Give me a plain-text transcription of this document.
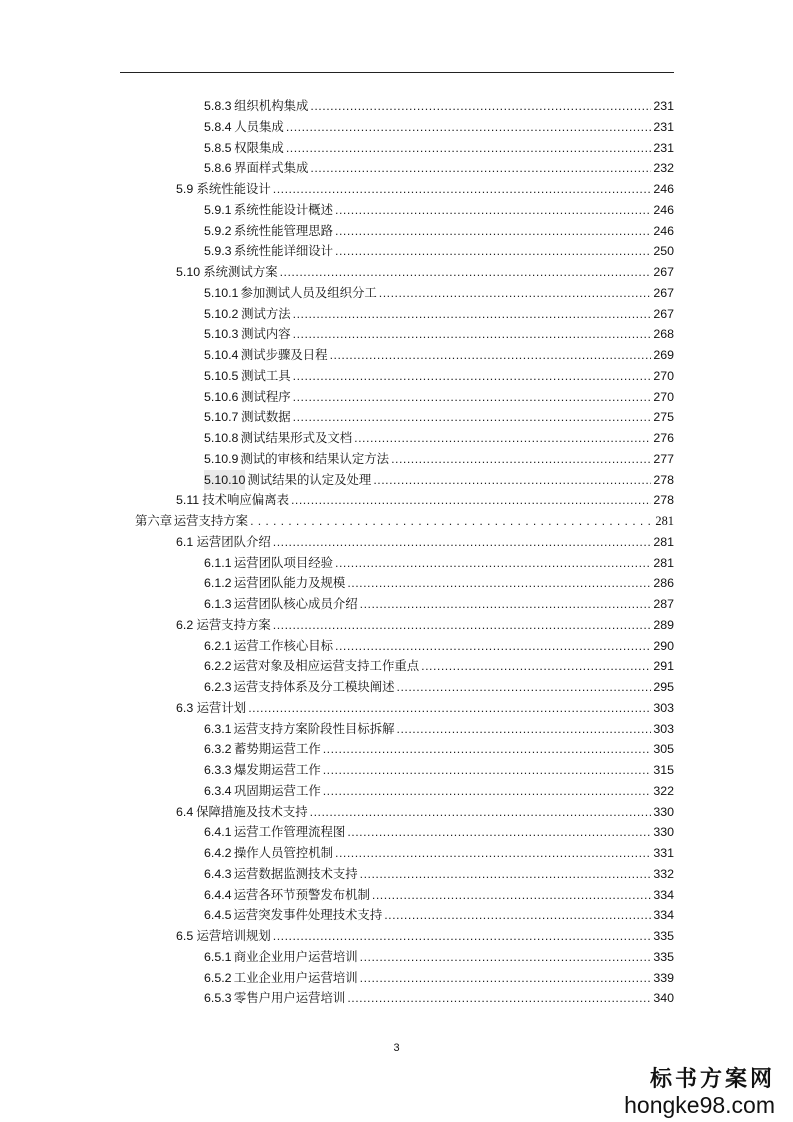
5.8.3 组织机构集成 .....	231
5.8.4 人员集成 .....	231
5.8.5 权限集成 .....	231
5.8.6 界面样式集成 .....	232
5.9 系统性能设计 .....	246
5.9.1 系统性能设计概述 .....	246
5.9.2 系统性能管理思路 .....	246
5.9.3 系统性能详细设计 .....	250
5.10 系统测试方案 .....	267
5.10.1 参加测试人员及组织分工 .....	267
5.10.2 测试方法 .....	267
5.10.3 测试内容 .....	268
5.10.4 测试步骤及日程 .....	269
5.10.5 测试工具 .....	270
5.10.6 测试程序 .....	270
5.10.7 测试数据 .....	275
5.10.8 测试结果形式及文档 .....	276
5.10.9 测试的审核和结果认定方法 .....	277
5.10.10 测试结果的认定及处理 .....	278
5.11 技术响应偏离表 .....	278
第六章 运营支持方案 .....	281
6.1 运营团队介绍 .....	281
6.1.1 运营团队项目经验 .....	281
6.1.2 运营团队能力及规模 .....	286
6.1.3 运营团队核心成员介绍 .....	287
6.2 运营支持方案 .....	289
6.2.1 运营工作核心目标 .....	290
6.2.2 运营对象及相应运营支持工作重点 .....	291
6.2.3 运营支持体系及分工模块阐述 .....	295
6.3 运营计划 .....	303
6.3.1 运营支持方案阶段性目标拆解 .....	303
6.3.2 蓄势期运营工作 .....	305
6.3.3 爆发期运营工作 .....	315
6.3.4 巩固期运营工作 .....	322
6.4 保障措施及技术支持 .....	330
6.4.1 运营工作管理流程图 .....	330
6.4.2 操作人员管控机制 .....	331
6.4.3 运营数据监测技术支持 .....	332
6.4.4 运营各环节预警发布机制 .....	334
6.4.5 运营突发事件处理技术支持 .....	334
6.5 运营培训规划 .....	335
6.5.1 商业企业用户运营培训 .....	335
6.5.2 工业企业用户运营培训 .....	339
6.5.3 零售户用户运营培训 .....	340
3
标书方案网
hongke98.com
